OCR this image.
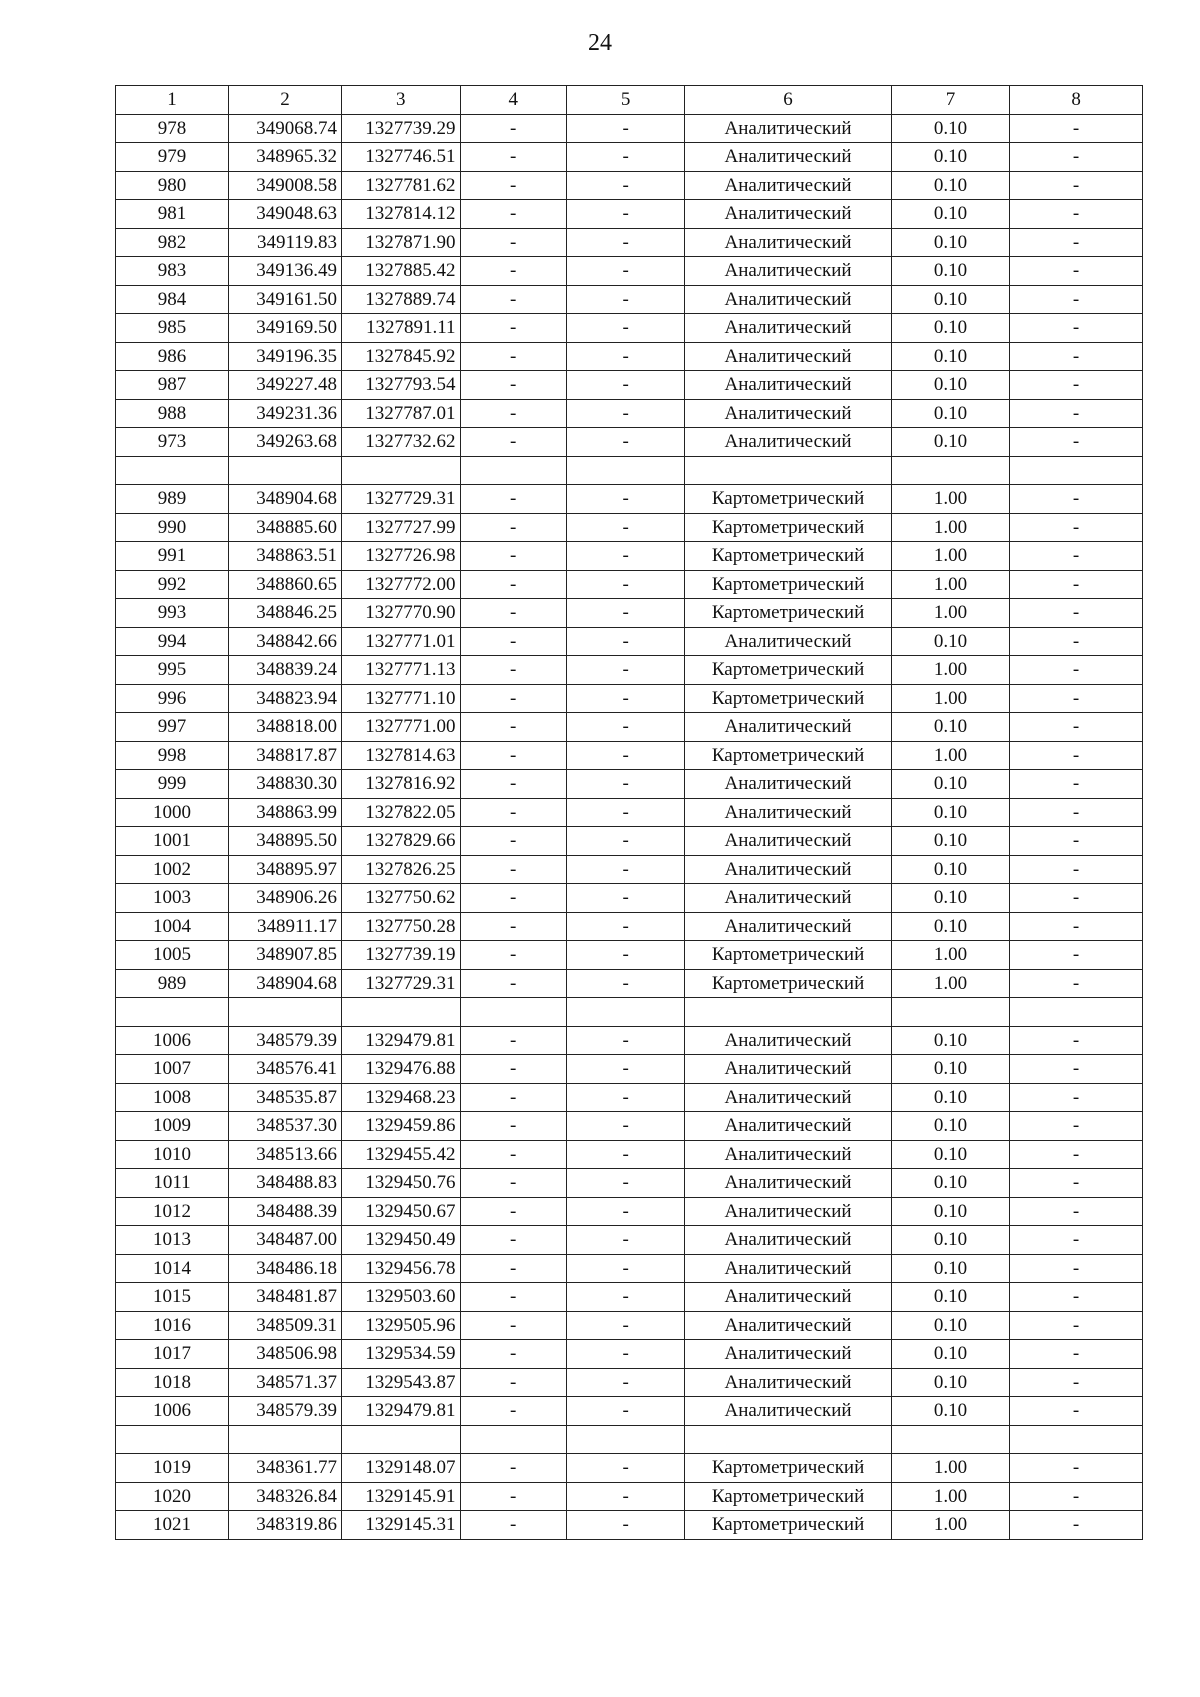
24
1	2	3	4	5	6	7	8
978	349068.74	1327739.29	-	-	Аналитический	0.10	-
979	348965.32	1327746.51	-	-	Аналитический	0.10	-
980	349008.58	1327781.62	-	-	Аналитический	0.10	-
981	349048.63	1327814.12	-	-	Аналитический	0.10	-
982	349119.83	1327871.90	-	-	Аналитический	0.10	-
983	349136.49	1327885.42	-	-	Аналитический	0.10	-
984	349161.50	1327889.74	-	-	Аналитический	0.10	-
985	349169.50	1327891.11	-	-	Аналитический	0.10	-
986	349196.35	1327845.92	-	-	Аналитический	0.10	-
987	349227.48	1327793.54	-	-	Аналитический	0.10	-
988	349231.36	1327787.01	-	-	Аналитический	0.10	-
973	349263.68	1327732.62	-	-	Аналитический	0.10	-

989	348904.68	1327729.31	-	-	Картометрический	1.00	-
990	348885.60	1327727.99	-	-	Картометрический	1.00	-
991	348863.51	1327726.98	-	-	Картометрический	1.00	-
992	348860.65	1327772.00	-	-	Картометрический	1.00	-
993	348846.25	1327770.90	-	-	Картометрический	1.00	-
994	348842.66	1327771.01	-	-	Аналитический	0.10	-
995	348839.24	1327771.13	-	-	Картометрический	1.00	-
996	348823.94	1327771.10	-	-	Картометрический	1.00	-
997	348818.00	1327771.00	-	-	Аналитический	0.10	-
998	348817.87	1327814.63	-	-	Картометрический	1.00	-
999	348830.30	1327816.92	-	-	Аналитический	0.10	-
1000	348863.99	1327822.05	-	-	Аналитический	0.10	-
1001	348895.50	1327829.66	-	-	Аналитический	0.10	-
1002	348895.97	1327826.25	-	-	Аналитический	0.10	-
1003	348906.26	1327750.62	-	-	Аналитический	0.10	-
1004	348911.17	1327750.28	-	-	Аналитический	0.10	-
1005	348907.85	1327739.19	-	-	Картометрический	1.00	-
989	348904.68	1327729.31	-	-	Картометрический	1.00	-

1006	348579.39	1329479.81	-	-	Аналитический	0.10	-
1007	348576.41	1329476.88	-	-	Аналитический	0.10	-
1008	348535.87	1329468.23	-	-	Аналитический	0.10	-
1009	348537.30	1329459.86	-	-	Аналитический	0.10	-
1010	348513.66	1329455.42	-	-	Аналитический	0.10	-
1011	348488.83	1329450.76	-	-	Аналитический	0.10	-
1012	348488.39	1329450.67	-	-	Аналитический	0.10	-
1013	348487.00	1329450.49	-	-	Аналитический	0.10	-
1014	348486.18	1329456.78	-	-	Аналитический	0.10	-
1015	348481.87	1329503.60	-	-	Аналитический	0.10	-
1016	348509.31	1329505.96	-	-	Аналитический	0.10	-
1017	348506.98	1329534.59	-	-	Аналитический	0.10	-
1018	348571.37	1329543.87	-	-	Аналитический	0.10	-
1006	348579.39	1329479.81	-	-	Аналитический	0.10	-

1019	348361.77	1329148.07	-	-	Картометрический	1.00	-
1020	348326.84	1329145.91	-	-	Картометрический	1.00	-
1021	348319.86	1329145.31	-	-	Картометрический	1.00	-
